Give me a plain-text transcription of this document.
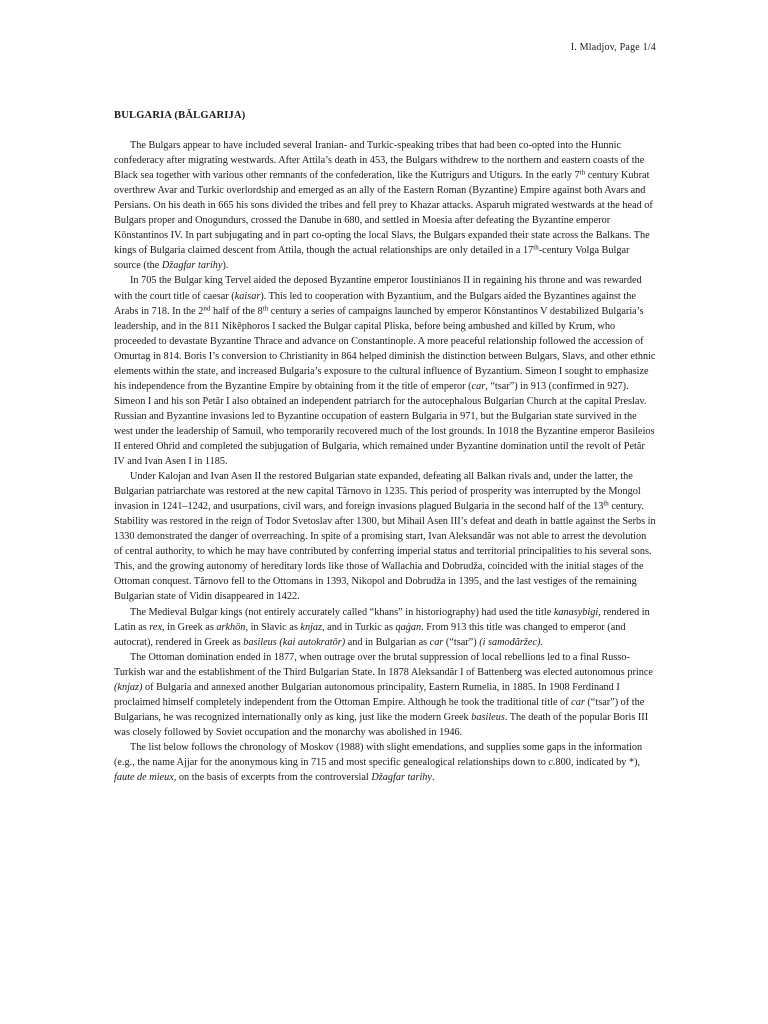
I. Mladjov, Page 1/4
BULGARIA (BĂLGARIJA)

The Bulgars appear to have included several Iranian- and Turkic-speaking tribes that had been co-opted into the Hunnic confederacy after migrating westwards. After Attila’s death in 453, the Bulgars withdrew to the northern and eastern coasts of the Black sea together with various other remnants of the confederation, like the Kutrigurs and Utigurs. In the early 7th century Kubrat overthrew Avar and Turkic overlordship and emerged as an ally of the Eastern Roman (Byzantine) Empire against both Avars and Persians. On his death in 665 his sons divided the tribes and fell prey to Khazar attacks. Asparuh migrated westwards at the head of Bulgars proper and Onogundurs, crossed the Danube in 680, and settled in Moesia after defeating the Byzantine emperor Kōnstantinos IV. In part subjugating and in part co-opting the local Slavs, the Bulgars expanded their state across the Balkans. The kings of Bulgaria claimed descent from Attila, though the actual relationships are only detailed in a 17th-century Volga Bulgar source (the Džagfar tarihy).

In 705 the Bulgar king Tervel aided the deposed Byzantine emperor Ioustinianos II in regaining his throne and was rewarded with the court title of caesar (kaisar). This led to cooperation with Byzantium, and the Bulgars aided the Byzantines against the Arabs in 718. In the 2nd half of the 8th century a series of campaigns launched by emperor Kōnstantinos V destabilized Bulgaria’s leadership, and in the 811 Nikēphoros I sacked the Bulgar capital Pliska, before being ambushed and killed by Krum, who proceeded to devastate Byzantine Thrace and advance on Constantinople. A more peaceful relationship followed the accession of Omurtag in 814. Boris I’s conversion to Christianity in 864 helped diminish the distinction between Bulgars, Slavs, and other ethnic elements within the state, and increased Bulgaria’s exposure to the cultural influence of Byzantium. Simeon I sought to emphasize his independence from the Byzantine Empire by obtaining from it the title of emperor (car, “tsar”) in 913 (confirmed in 927). Simeon I and his son Petăr I also obtained an independent patriarch for the autocephalous Bulgarian Church at the capital Preslav. Russian and Byzantine invasions led to Byzantine occupation of eastern Bulgaria in 971, but the Bulgarian state survived in the west under the leadership of Samuil, who temporarily recovered much of the lost grounds. In 1018 the Byzantine emperor Basileios II entered Ohrid and completed the subjugation of Bulgaria, which remained under Byzantine domination until the revolt of Petăr IV and Ivan Asen I in 1185.

Under Kalojan and Ivan Asen II the restored Bulgarian state expanded, defeating all Balkan rivals and, under the latter, the Bulgarian patriarchate was restored at the new capital Tărnovo in 1235. This period of prosperity was interrupted by the Mongol invasion in 1241–1242, and usurpations, civil wars, and foreign invasions plagued Bulgaria in the second half of the 13th century. Stability was restored in the reign of Todor Svetoslav after 1300, but Mihail Asen III’s defeat and death in battle against the Serbs in 1330 demonstrated the danger of overreaching. In spite of a promising start, Ivan Aleksandăr was not able to arrest the devolution of central authority, to which he may have contributed by conferring imperial status and territorial principalities to his several sons. This, and the growing autonomy of hereditary lords like those of Wallachia and Dobrudža, coincided with the initial stages of the Ottoman conquest. Tărnovo fell to the Ottomans in 1393, Nikopol and Dobrudža in 1395, and the last vestiges of the remaining Bulgarian state of Vidin disappeared in 1422.

The Medieval Bulgar kings (not entirely accurately called “khans” in historiography) had used the title kanasybigi, rendered in Latin as rex, in Greek as arkhōn, in Slavic as knjaz, and in Turkic as qaġan. From 913 this title was changed to emperor (and autocrat), rendered in Greek as basileus (kai autokratōr) and in Bulgarian as car (“tsar”) (i samodăržec).

The Ottoman domination ended in 1877, when outrage over the brutal suppression of local rebellions led to a final Russo-Turkish war and the establishment of the Third Bulgarian State. In 1878 Aleksandăr I of Battenberg was elected autonomous prince (knjaz) of Bulgaria and annexed another Bulgarian autonomous principality, Eastern Rumelia, in 1885. In 1908 Ferdinand I proclaimed himself completely independent from the Ottoman Empire. Although he took the traditional title of car (“tsar”) of the Bulgarians, he was recognized internationally only as king, just like the modern Greek basileus. The death of the popular Boris III was closely followed by Soviet occupation and the monarchy was abolished in 1946.

The list below follows the chronology of Moskov (1988) with slight emendations, and supplies some gaps in the information (e.g., the name Ajjar for the anonymous king in 715 and most specific genealogical relationships down to c.800, indicated by *), faute de mieux, on the basis of excerpts from the controversial Džagfar tarihy.
